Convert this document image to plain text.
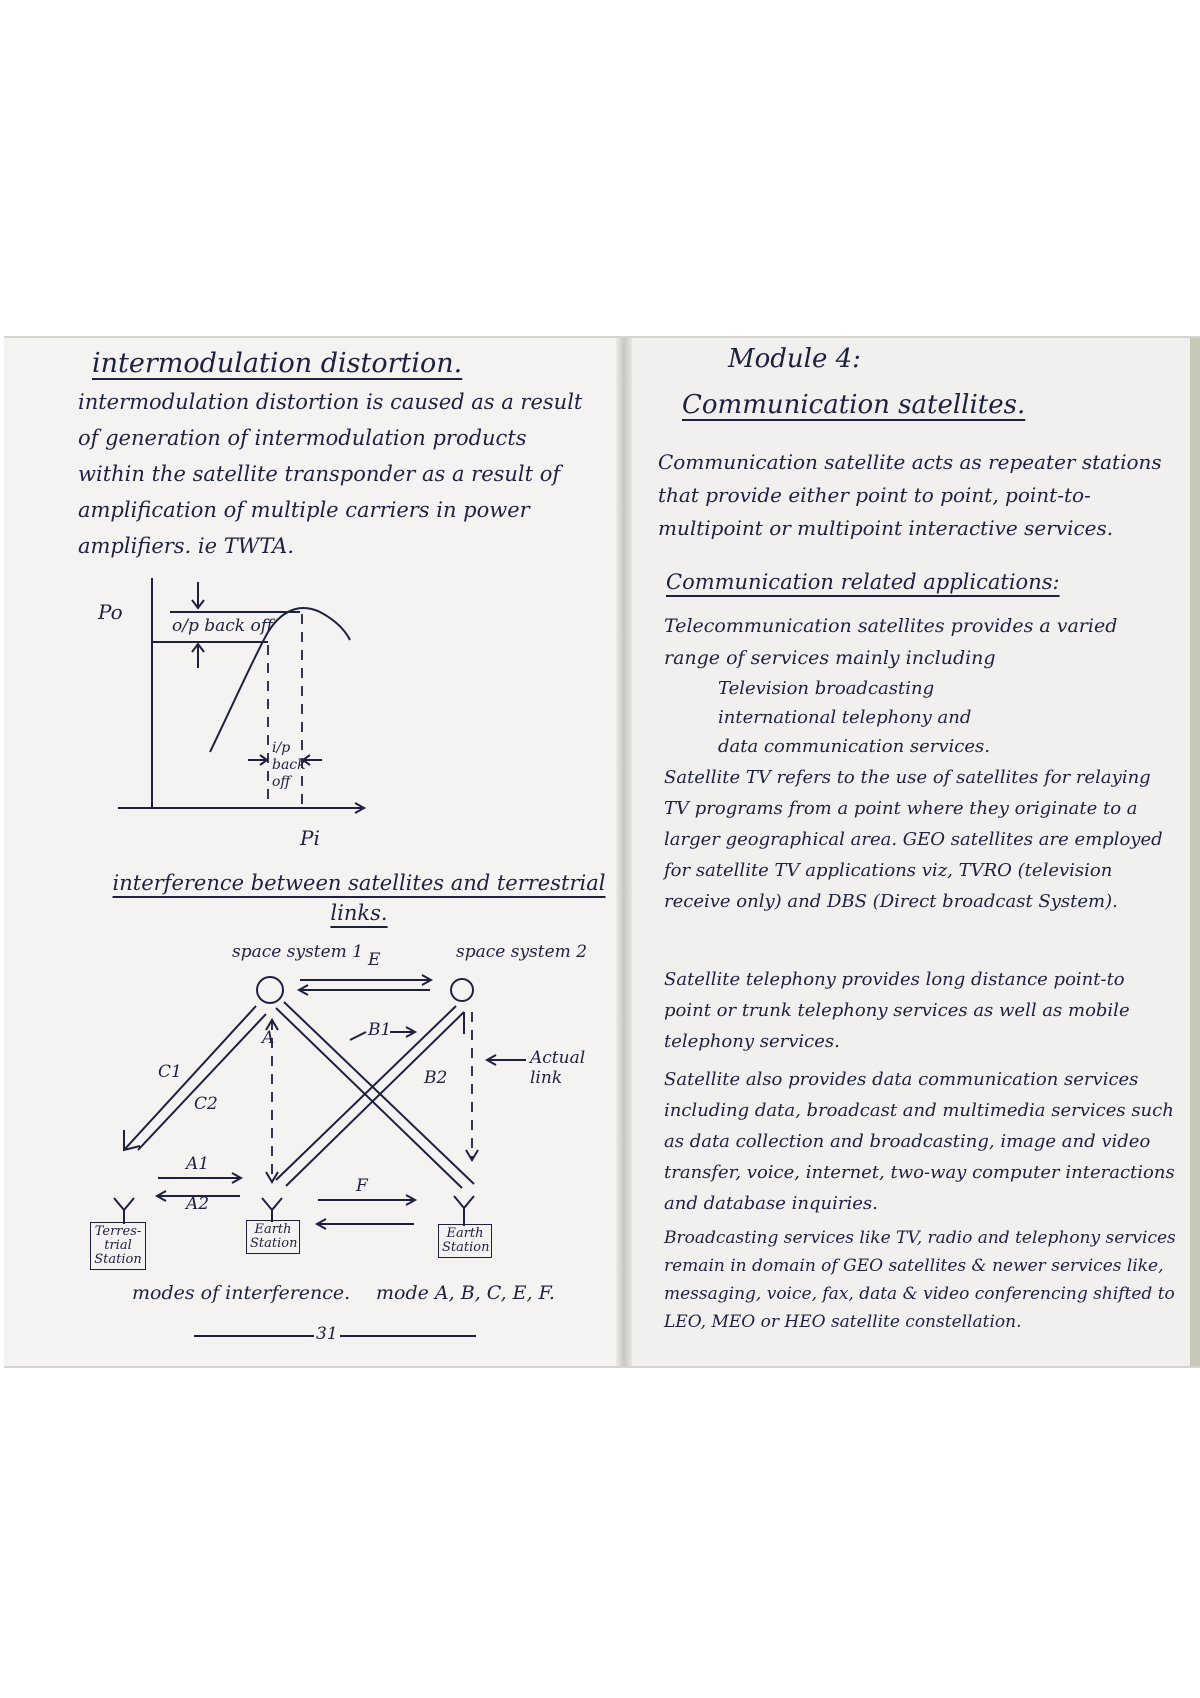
intermodulation distortion.

intermodulation distortion is caused as a result of generation of intermodulation products within the satellite transponder as a result of amplification of multiple carriers in power amplifiers. ie TWTA.

Po
Pi
o/p back off
i/p
back
off
interference between satellites and terrestrial links.
space system 1	space system 2
E
A	B1
B2
C1
C2
Actual link
A1
A2
F
Terres-trial Station
Earth Station
Earth Station
modes of interference. mode A, B, C, E, F.
31
Module 4:
Communication satellites.

Communication satellite acts as repeater stations that provide either point to point, point-to-multipoint or multipoint interactive services.

Communication related applications:

Telecommunication satellites provides a varied range of services mainly including

Television broadcasting
international telephony and
data communication services.

Satellite TV refers to the use of satellites for relaying TV programs from a point where they originate to a larger geographical area. GEO satellites are employed for satellite TV applications viz, TVRO (television receive only) and DBS (Direct broadcast System).

Satellite telephony provides long distance point-to point or trunk telephony services as well as mobile telephony services.

Satellite also provides data communication services including data, broadcast and multimedia services such as data collection and broadcasting, image and video transfer, voice, internet, two-way computer interactions and database inquiries.

Broadcasting services like TV, radio and telephony services remain in domain of GEO satellites & newer services like, messaging, voice, fax, data & video conferencing shifted to LEO, MEO or HEO satellite constellation.
